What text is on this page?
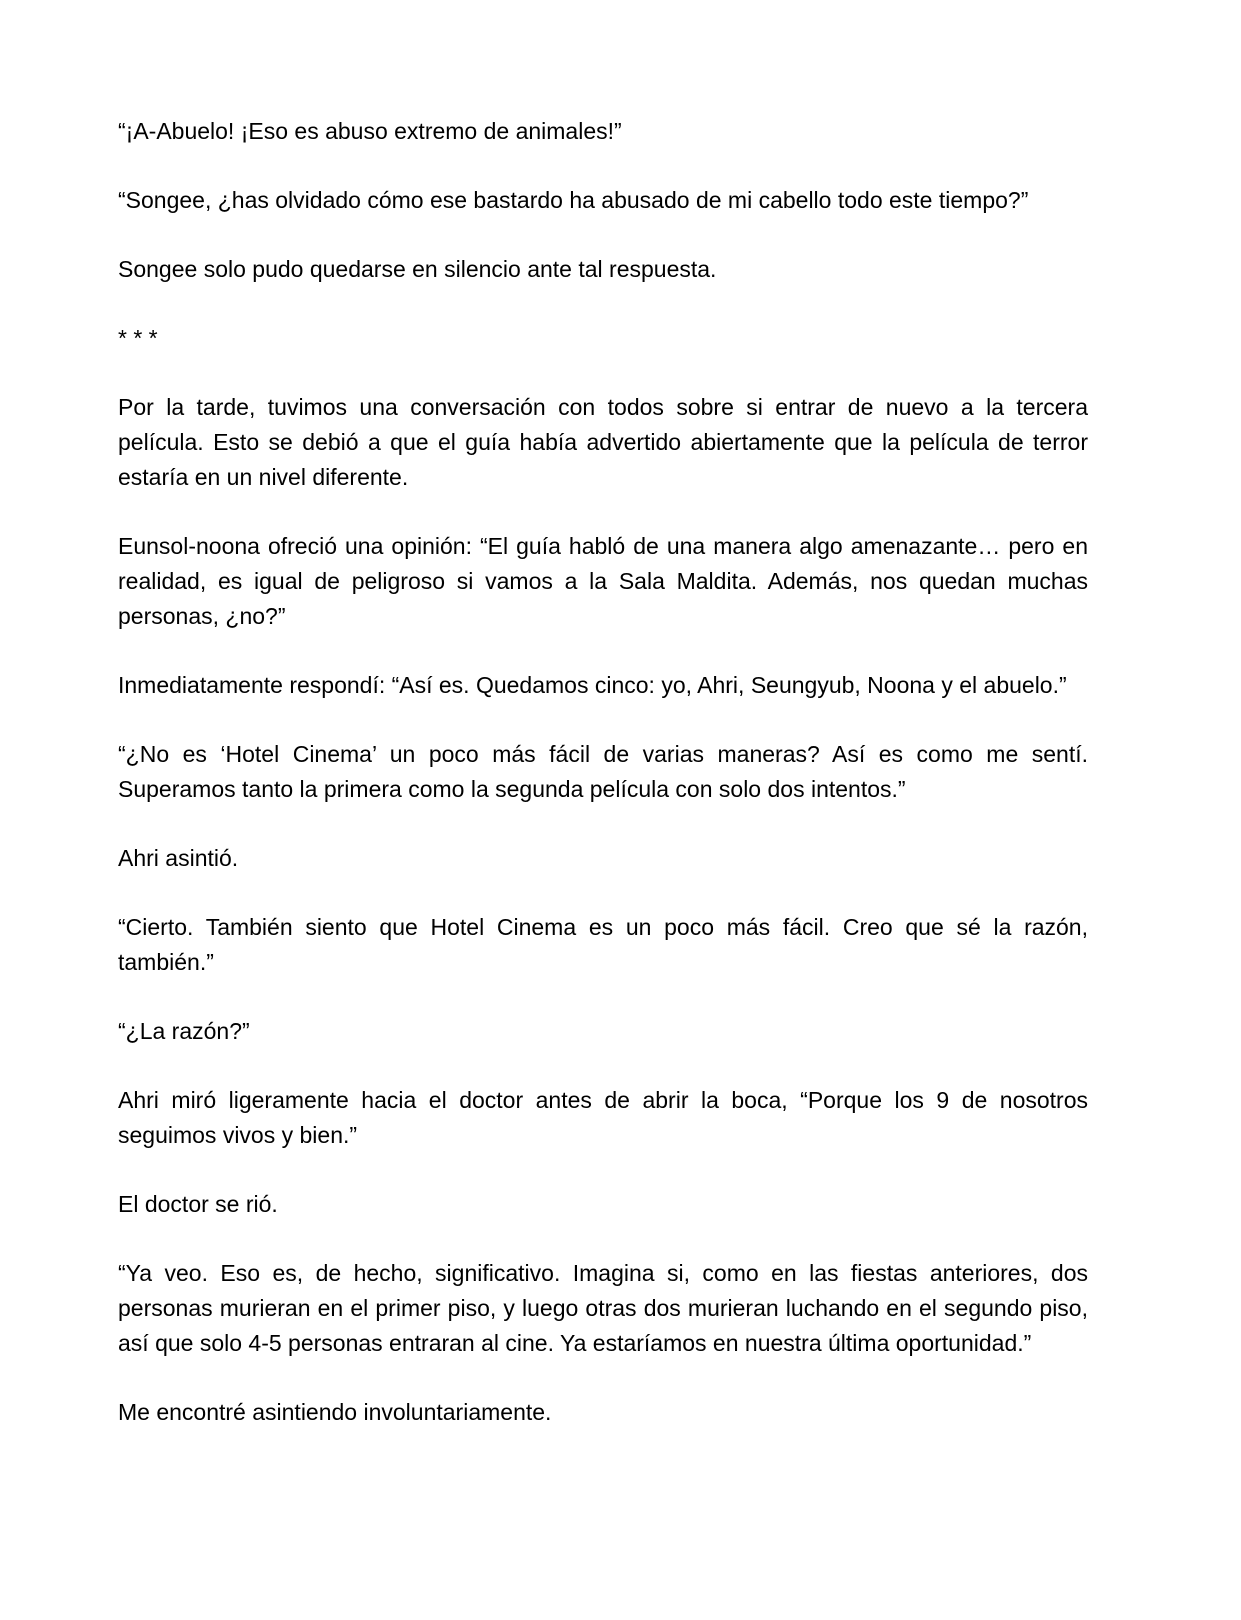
“¡A-Abuelo! ¡Eso es abuso extremo de animales!”

“Songee, ¿has olvidado cómo ese bastardo ha abusado de mi cabello todo este tiempo?”

Songee solo pudo quedarse en silencio ante tal respuesta.

* * *

Por la tarde, tuvimos una conversación con todos sobre si entrar de nuevo a la tercera película. Esto se debió a que el guía había advertido abiertamente que la película de terror estaría en un nivel diferente.

Eunsol-noona ofreció una opinión: “El guía habló de una manera algo amenazante… pero en realidad, es igual de peligroso si vamos a la Sala Maldita. Además, nos quedan muchas personas, ¿no?”

Inmediatamente respondí: “Así es. Quedamos cinco: yo, Ahri, Seungyub, Noona y el abuelo.”

“¿No es ‘Hotel Cinema’ un poco más fácil de varias maneras? Así es como me sentí. Superamos tanto la primera como la segunda película con solo dos intentos.”

Ahri asintió.

“Cierto. También siento que Hotel Cinema es un poco más fácil. Creo que sé la razón, también.”

“¿La razón?”

Ahri miró ligeramente hacia el doctor antes de abrir la boca, “Porque los 9 de nosotros seguimos vivos y bien.”

El doctor se rió.

“Ya veo. Eso es, de hecho, significativo. Imagina si, como en las fiestas anteriores, dos personas murieran en el primer piso, y luego otras dos murieran luchando en el segundo piso, así que solo 4-5 personas entraran al cine. Ya estaríamos en nuestra última oportunidad.”

Me encontré asintiendo involuntariamente.
